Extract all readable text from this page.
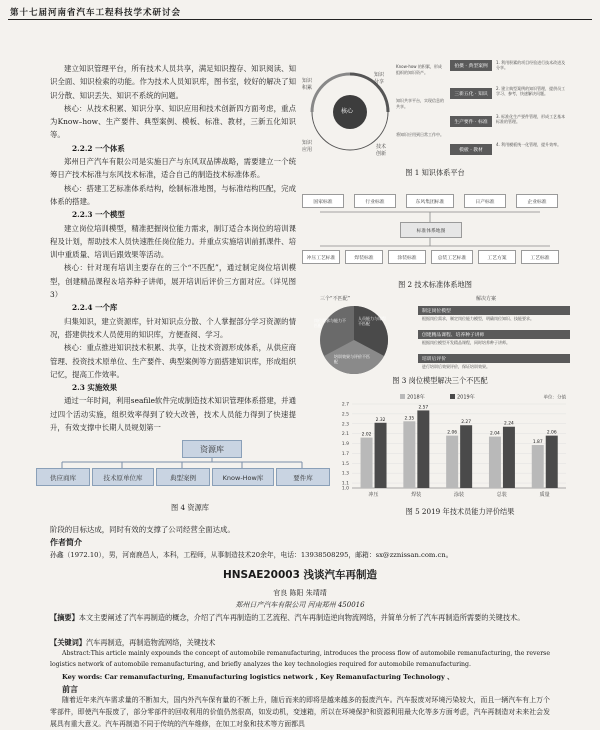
第十七届河南省汽车工程科技学术研讨会

建立知识管理平台，所有技术人员共享，满足知识搜存、知识阅读、知识全面、知识检索的功能。作为技术人员知识库，图书室，较好的解决了知识分散、知识丢失、知识不系统的问题。

核心：从技术积累、知识分享、知识应用和技术创新四方面考虑，重点为Know–how、生产要件、典型案例、模板、标准、教材，三新五化知识等。

2.2.2 一个体系

郑州日产汽车有限公司是实施日产与东风双品牌战略，需要建立一个统筹日产技术标准与东风技术标准，适合自己的制造技术标准体系。

核心：搭建工艺标准体系结构，绘制标准地图，与标准结构匹配，完成体系的搭建。

2.2.3 一个模型

建立岗位培训模型，精准把握岗位能力需求，制订适合本岗位的培训课程及计划，帮助技术人员快速胜任岗位能力。并重点实施培训前抓课件、培训中重质量、培训后跟效果等活动。

核心：针对现有培训主要存在的三个“不匹配”，通过制定岗位培训模型，创建精品课程＆培养种子讲师，展开培训后评价三方面对应。（详见图3）

2.2.4 一个库

归集知识，建立资源库，针对知识点分散、个人掌握部分学习资源的情况，搭建供技术人员使用的知识库，方便查阅、学习。

核心：重点推进知识技术积累、共享，让技术资源形成体系，从供应商管理、投资技术原单位、生产要件、典型案例等方面搭建知识库，形成组织记忆，提高工作效率。

2.3 实施效果

通过一年时间，利用seafile软件完成制造技术知识管理体系搭建，并通过四个活动实施，组织效率得到了较大改善，技术人员能力得到了快速提升，有效支撑中长期人员规划第一

核心
知识
积累
知识
分享
知识
应用	技术
创新
Know-how 的积累，形成组织的知识资产。
知识共享平台，实现信息的共享。
将知识应用到日常工作中。
拍摄 · 典型案例
三新五化 · 知识
生产要件 · 标准
模板 · 教材
1. 利用积累的项目经验进行技术改进及分享。
2. 建立典型案例的知识管理，提供员工学习、参考，快速解决问题。
3. 标准化生产要件管理，形成工艺基本标准的管理。
4. 利用模板统一化管理，提升效率。
图 1 知识体系平台
国家标准	行业标准	东风集团标准	日产标准	企业标准
标准体系地图
冲压工艺标准	焊装标准	涂装标准	总装工艺标准	工艺方案	工艺标准
图 2 技术标准体系地图
三个“不匹配”
岗位需求与能力不匹配
人员能力与课程不匹配
培训效果与评价不匹配
解决方案
制定岗位模型
根据岗位需求，制定岗位能力模型，明确岗位知识、技能要求。
创建精品课程、培养种子讲师
根据岗位模型开发精品课程，同时培养种子讲师。
培训后评价
进行培训后效果评价，保证培训效果。
图 3 岗位模型解决三个不匹配
资源库
供应商库	技术原单位库	典型案例	Know-How库	要件库
图 4 资源库
2.7
2.5
2.3
2.1
1.9
1.7
1.5
1.3
1.1
1.0
2018年	2019年	单位：分值
2.02
2.32
冲压
2.35
2.57
焊装
2.06
2.27
涂装
2.04
2.24
总装
1.87
2.06
质量
图 5 2019 年技术员能力评价结果
阶段的目标达成，同时有效的支撑了公司经营全面达成。
作者简介
孙鑫（1972.10），男，河南鹿邑人，本科，工程师，从事制造技术20余年，电话：13938508295，邮箱：sx@zznissan.com.cn。
HNSAE20003 浅谈汽车再制造
官良 陈阳 朱靖靖
郑州日产汽车有限公司 河南郑州 450016
【摘要】本文主要阐述了汽车再制造的概念，介绍了汽车再制造的工艺流程、汽车再制造逆向物流网络，并简单分析了汽车再制造所需要的关键技术。
【关键词】汽车再制造，再制造物流网络，关键技术
Abstract:This article mainly expounds the concept of automobile remanufacturing, introduces the process flow of automobile remanufacturing, the reverse logistics network of automobile remanufacturing, and briefly analyzes the key technologies required for automobile remanufacturing.
Key words: Car remanufacturing, Emanufacturing logistics network , Key Remanufacturing Technology 、
前言
随着近年来汽车需求量的不断加大，国内外汽车保有量的不断上升，随后而来的即将是越来越多的报废汽车。汽车报废对环境污染较大，而且一辆汽车有上万个零部件，即使汽车报废了，部分零部件的回收利用的价值仍然很高，如发动机，变速箱，所以在环境保护和资源利用最大化等多方面考虑，汽车再制造对未来社会发展具有重大意义。汽车再制造不同于传统的汽车维修，在加工对象和技术等方面都具
